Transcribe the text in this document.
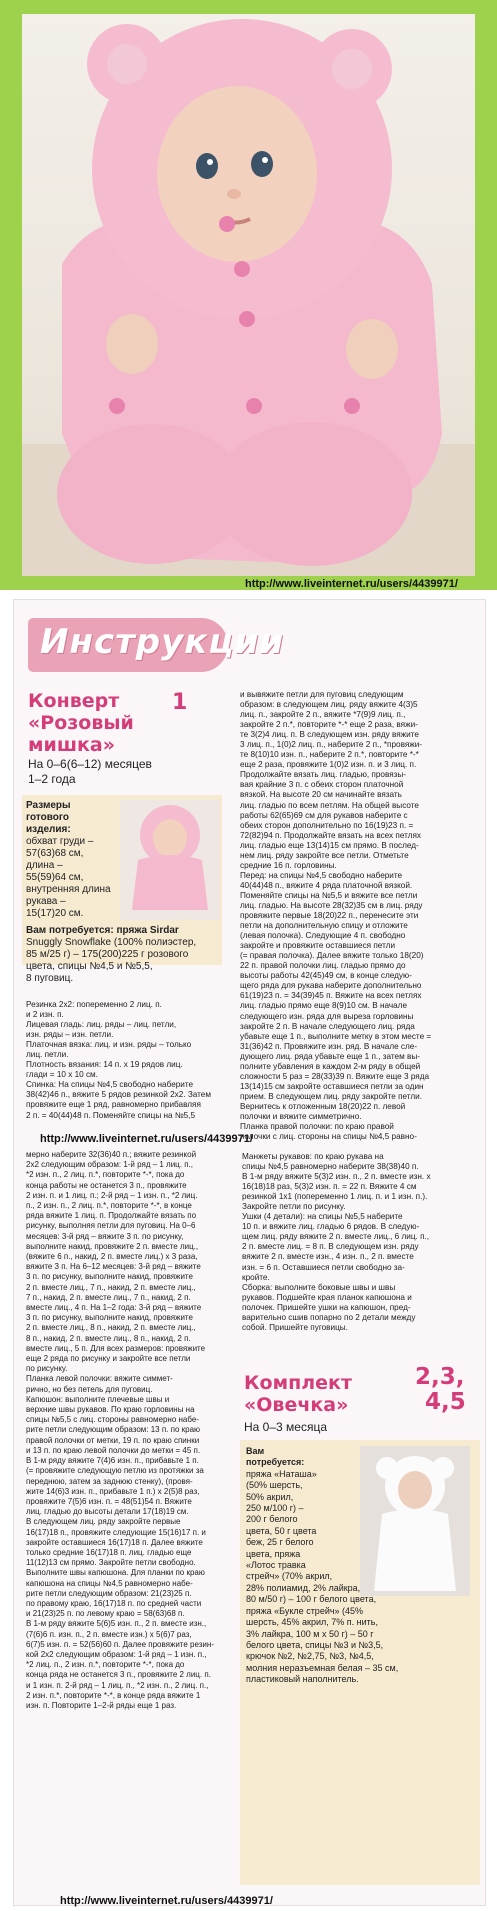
http://www.liveinternet.ru/users/4439971/
Инструкции
Конверт
«Розовый
мишка»
1
На 0–6(6–12) месяцев
1–2 года
Размеры
готового
изделия:
обхват груди –
57(63)68 см,
длина –
55(59)64 см,
внутренняя длина
рукава –
15(17)20 см.
Вам потребуется: пряжа Sirdar
Snuggly Snowflake (100% полиэстер,
85 м/25 г) – 175(200)225 г розового
цвета, спицы №4,5 и №5,5,
8 пуговиц.
Резинка 2х2: попеременно 2 лиц. п.
и 2 изн. п.
Лицевая гладь: лиц. ряды – лиц. петли,
изн. ряды – изн. петли.
Платочная вязка: лиц. и изн. ряды – только
лиц. петли.
Плотность вязания: 14 п. х 19 рядов лиц.
глади = 10 х 10 см.
Спинка: На спицы №4,5 свободно наберите
38(42)46 п., вяжите 5 рядов резинкой 2х2. Затем
провяжите еще 1 ряд, равномерно прибавляя
2 п. = 40(44)48 п. Поменяйте спицы на №5,5
и вывяжите петли для пуговиц следующим
образом: в следующем лиц. ряду вяжите 4(3)5
лиц. п., закройте 2 п., вяжите *7(9)9 лиц. п.,
закройте 2 п.*, повторите *-* еще 2 раза, вяжи-
те 3(2)4 лиц. п. В следующем изн. ряду вяжите
3 лиц. п., 1(0)2 лиц. п., наберите 2 п., *провяжи-
те 8(10)10 изн. п., наберите 2 п.*, повторите *-*
еще 2 раза, провяжите 1(0)2 изн. п. и 3 лиц. п.
Продолжайте вязать лиц. гладью, провязы-
вая крайние 3 п. с обеих сторон платочной
вязкой. На высоте 20 см начинайте вязать
лиц. гладью по всем петлям. На общей высоте
работы 62(65)69 см для рукавов наберите с
обеих сторон дополнительно по 16(19)23 п. =
72(82)94 п. Продолжайте вязать на всех петлях
лиц. гладью еще 13(14)15 см прямо. В послед-
нем лиц. ряду закройте все петли. Отметьте
средние 16 п. горловины.
Перед: на спицы №4,5 свободно наберите
40(44)48 п., вяжите 4 ряда платочной вязкой.
Поменяйте спицы на №5,5 и вяжите все петли
лиц. гладью. На высоте 28(32)35 см в лиц. ряду
провяжите первые 18(20)22 п., перенесите эти
петли на дополнительную спицу и отложите
(левая полочка). Следующие 4 п. свободно
закройте и провяжите оставшиеся петли
(= правая полочка). Далее вяжите только 18(20)
22 п. правой полочки лиц. гладью прямо до
высоты работы 42(45)49 см, в конце следую-
щего ряда для рукава наберите дополнительно
61(19)23 п. = 34(39)45 п. Вяжите на всех петлях
лиц. гладью прямо еще 8(9)10 см. В начале
следующего изн. ряда для выреза горловины
закройте 2 п. В начале следующего лиц. ряда
убавьте еще 1 п., выполните метку в этом месте =
31(36)42 п. Провяжите изн. ряд. В начале сле-
дующего лиц. ряда убавьте еще 1 п., затем вы-
полните убавления в каждом 2-м ряду в общей
сложности 5 раз = 28(33)39 п. Вяжите еще 3 ряда
13(14)15 см закройте оставшиеся петли за один
прием. В следующем лиц. ряду закройте петли.
Вернитесь к отложенным 18(20)22 п. левой
полочки и вяжите симметрично.
Планка правой полочки: по краю правой
полочки с лиц. стороны на спицы №4,5 равно-
http://www.liveinternet.ru/users/4439971/
мерно наберите 32(36)40 п.; вяжите резинкой
2х2 следующим образом: 1-й ряд – 1 лиц. п.,
*2 изн. п., 2 лиц. п.*, повторите *-*, пока до
конца работы не останется 3 п., провяжите
2 изн. п. и 1 лиц. п.; 2-й ряд – 1 изн. п., *2 лиц.
п., 2 изн. п., 2 лиц. п.*, повторите *-*, в конце
ряда вяжите 1 лиц. п. Продолжайте вязать по
рисунку, выполняя петли для пуговиц. На 0–6
месяцев: 3-й ряд – вяжите 3 п. по рисунку,
выполните накид, провяжите 2 п. вместе лиц.,
(вяжите 6 п., накид, 2 п. вместе лиц.) х 3 раза,
вяжите 3 п. На 6–12 месяцев: 3-й ряд – вяжите
3 п. по рисунку, выполните накид, провяжите
2 п. вместе лиц., 7 п., накид, 2 п. вместе лиц.,
7 п., накид, 2 п. вместе лиц., 7 п., накид, 2 п.
вместе лиц., 4 п. На 1–2 года: 3-й ряд – вяжите
3 п. по рисунку, выполните накид, провяжите
2 п. вместе лиц., 8 п., накид, 2 п. вместе лиц.,
8 п., накид, 2 п. вместе лиц., 8 п., накид, 2 п.
вместе лиц., 5 п. Для всех размеров: провяжите
еще 2 ряда по рисунку и закройте все петли
по рисунку.
Планка левой полочки: вяжите симмет-
рично, но без петель для пуговиц.
Капюшон: выполните плечевые швы и
верхние швы рукавов. По краю горловины на
спицы №5,5 с лиц. стороны равномерно набе-
рите петли следующим образом: 13 п. по краю
правой полочки от метки, 19 п. по краю спинки
и 13 п. по краю левой полочки до метки = 45 п.
В 1-м ряду вяжите 7(4)6 изн. п., прибавьте 1 п.
(= провяжите следующую петлю из протяжки за
переднюю, затем за заднюю стенку), (провя-
жите 14(6)3 изн. п., прибавьте 1 п.) х 2(5)8 раз,
провяжите 7(5)6 изн. п. = 48(51)54 п. Вяжите
лиц. гладью до высоты детали 17(18)19 см.
В следующем лиц. ряду закройте первые
16(17)18 п., провяжите следующие 15(16)17 п. и
закройте оставшиеся 16(17)18 п. Далее вяжите
только средние 16(17)18 п. лиц. гладью еще
11(12)13 см прямо. Закройте петли свободно.
Выполните швы капюшона. Для планки по краю
капюшона на спицы №4,5 равномерно набе-
рите петли следующим образом: 21(23)25 п.
по правому краю, 16(17)18 п. по средней части
и 21(23)25 п. по левому краю = 58(63)68 п.
В 1-м ряду вяжите 5(6)5 изн. п., 2 п. вместе изн.,
(7(6)6 п. изн. п., 2 п. вместе изн.) х 5(6)7 раз,
6(7)5 изн. п. = 52(56)60 п. Далее провяжите резин-
кой 2х2 следующим образом: 1-й ряд – 1 изн. п.,
*2 лиц. п., 2 изн. п.*, повторите *-*, пока до
конца ряда не останется 3 п., провяжите 2 лиц. п.
и 1 изн. п. 2-й ряд – 1 лиц. п., *2 изн. п., 2 лиц. п.,
2 изн. п.*, повторите *-*, в конце ряда вяжите 1
изн. п. Повторите 1–2-й ряды еще 1 раз.
Манжеты рукавов: по краю рукава на
спицы №4,5 равномерно наберите 38(38)40 п.
В 1-м ряду вяжите 5(3)2 изн. п., 2 п. вместе изн. х
16(18)18 раз, 5(3)2 изн. п. = 22 п. Вяжите 4 см
резинкой 1х1 (попеременно 1 лиц. п. и 1 изн. п.).
Закройте петли по рисунку.
Ушки (4 детали): на спицы №5,5 наберите
10 п. и вяжите лиц. гладью 6 рядов. В следую-
щем лиц. ряду вяжите 2 п. вместе лиц., 6 лиц. п.,
2 п. вместе лиц. = 8 п. В следующем изн. ряду
вяжите 2 п. вместе изн., 4 изн. п., 2 п. вместе
изн. = 6 п. Оставшиеся петли свободно за-
кройте.
Сборка: выполните боковые швы и швы
рукавов. Подшейте края планок капюшона и
полочек. Пришейте ушки на капюшон, пред-
варительно сшив попарно по 2 детали между
собой. Пришейте пуговицы.
Комплект
«Овечка»
2,3,
4,5
На 0–3 месяца
Вам
потребуется:
пряжа «Наташа»
(50% шерсть,
50% акрил,
250 м/100 г) –
200 г белого
цвета, 50 г цвета
беж, 25 г белого
цвета, пряжа
«Лотос травка
стрейч» (70% акрил,
28% полиамид, 2% лайкра,
80 м/50 г) – 100 г белого цвета,
пряжа «Букле стрейч» (45%
шерсть, 45% акрил, 7% п. нить,
3% лайкра, 100 м х 50 г) – 50 г
белого цвета, спицы №3 и №3,5,
крючок №2, №2,75, №3, №4,5,
молния неразъемная белая – 35 см,
пластиковый наполнитель.
http://www.liveinternet.ru/users/4439971/
